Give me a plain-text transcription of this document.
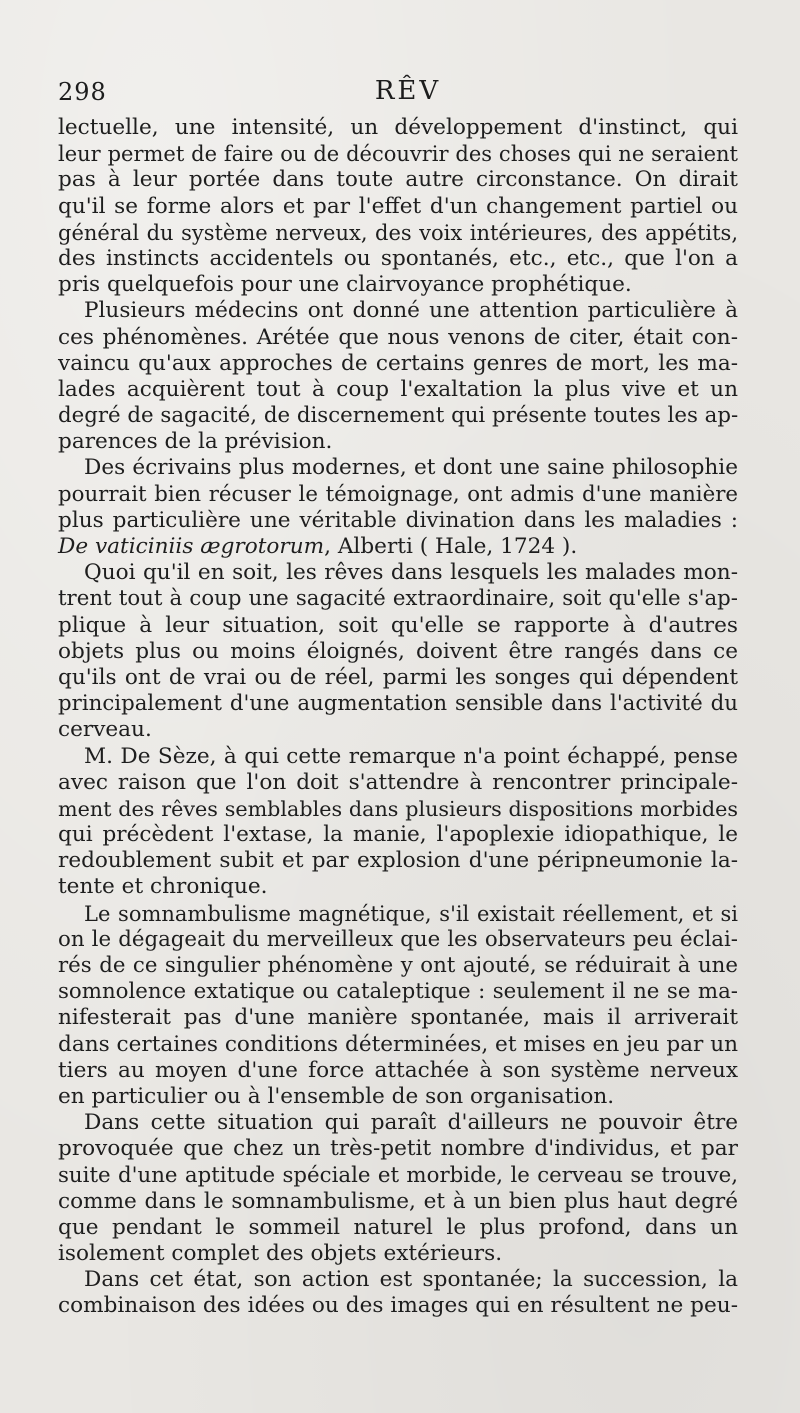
298	RÊV
lectuelle, une intensité, un développement d'instinct, qui
leur permet de faire ou de découvrir des choses qui ne seraient
pas à leur portée dans toute autre circonstance. On dirait
qu'il se forme alors et par l'effet d'un changement partiel ou
général du système nerveux, des voix intérieures, des appétits,
des instincts accidentels ou spontanés, etc., etc., que l'on a
pris quelquefois pour une clairvoyance prophétique.
Plusieurs médecins ont donné une attention particulière à
ces phénomènes. Arétée que nous venons de citer, était con-
vaincu qu'aux approches de certains genres de mort, les ma-
lades acquièrent tout à coup l'exaltation la plus vive et un
degré de sagacité, de discernement qui présente toutes les ap-
parences de la prévision.
Des écrivains plus modernes, et dont une saine philosophie
pourrait bien récuser le témoignage, ont admis d'une manière
plus particulière une véritable divination dans les maladies :
De vaticiniis ægrotorum, Alberti ( Hale, 1724 ).
Quoi qu'il en soit, les rêves dans lesquels les malades mon-
trent tout à coup une sagacité extraordinaire, soit qu'elle s'ap-
plique à leur situation, soit qu'elle se rapporte à d'autres
objets plus ou moins éloignés, doivent être rangés dans ce
qu'ils ont de vrai ou de réel, parmi les songes qui dépendent
principalement d'une augmentation sensible dans l'activité du
cerveau.
M. De Sèze, à qui cette remarque n'a point échappé, pense
avec raison que l'on doit s'attendre à rencontrer principale-
ment des rêves semblables dans plusieurs dispositions morbides
qui précèdent l'extase, la manie, l'apoplexie idiopathique, le
redoublement subit et par explosion d'une péripneumonie la-
tente et chronique.
Le somnambulisme magnétique, s'il existait réellement, et si
on le dégageait du merveilleux que les observateurs peu éclai-
rés de ce singulier phénomène y ont ajouté, se réduirait à une
somnolence extatique ou cataleptique : seulement il ne se ma-
nifesterait pas d'une manière spontanée, mais il arriverait
dans certaines conditions déterminées, et mises en jeu par un
tiers au moyen d'une force attachée à son système nerveux
en particulier ou à l'ensemble de son organisation.
Dans cette situation qui paraît d'ailleurs ne pouvoir être
provoquée que chez un très-petit nombre d'individus, et par
suite d'une aptitude spéciale et morbide, le cerveau se trouve,
comme dans le somnambulisme, et à un bien plus haut degré
que pendant le sommeil naturel le plus profond, dans un
isolement complet des objets extérieurs.
Dans cet état, son action est spontanée; la succession, la
combinaison des idées ou des images qui en résultent ne peu-
